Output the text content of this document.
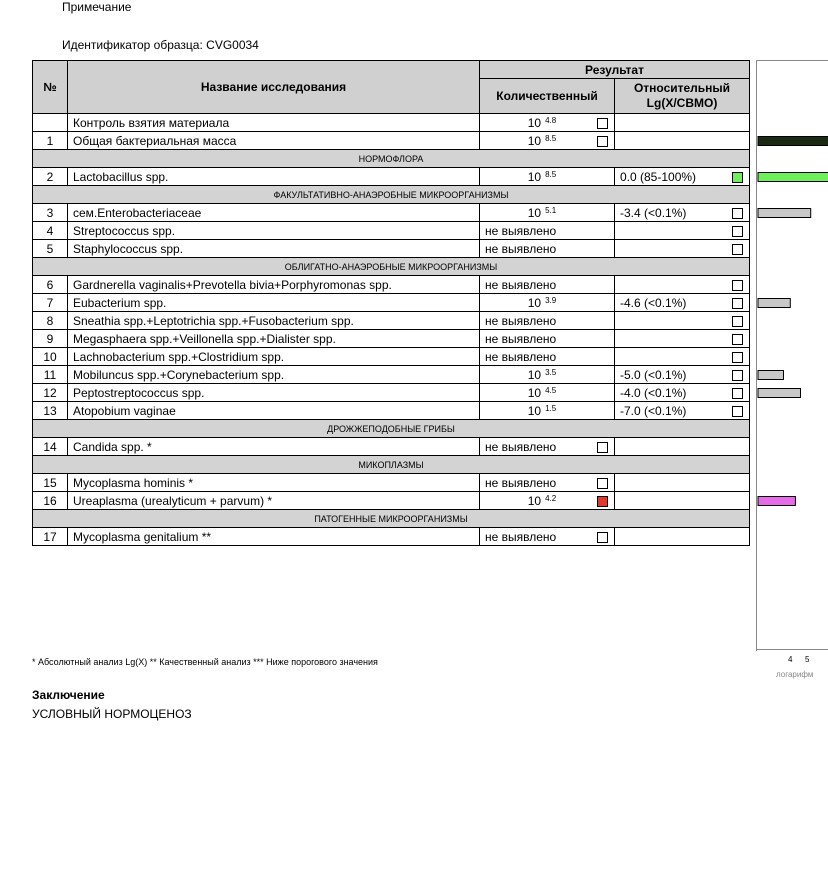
Примечание
Идентификатор образца: CVG0034
№	Название исследования	Результат	
		Количественный	Относительный Lg(X/СВМО)
	Контроль взятия материала	10 $^{4.8}$

1	Общая бактериальная масса	10 $^{8.5}$

НОРМОФЛОРА			
2	Lactobacillus spp.	10 $^{8.5}$	0.0 (85-100%)

ФАКУЛЬТАТИВНО-АНАЭРОБНЫЕ МИКРООРГАНИЗМЫ			
3	сем.Enterobacteriaceae	10 $^{5.1}$	-3.4 (<0.1%)

4	Streptococcus spp.	не выявлено	

5	Staphylococcus spp.	не выявлено	

ОБЛИГАТНО-АНАЭРОБНЫЕ МИКРООРГАНИЗМЫ			
6	Gardnerella vaginalis+Prevotella bivia+Porphyromonas spp.	не выявлено	

7	Eubacterium spp.	10 $^{3.9}$	-4.6 (<0.1%)

8	Sneathia spp.+Leptotrichia spp.+Fusobacterium spp.	не выявлено	

9	Megasphaera spp.+Veillonella spp.+Dialister spp.	не выявлено	

10	Lachnobacterium spp.+Clostridium spp.	не выявлено	

11	Mobiluncus spp.+Corynebacterium spp.	10 $^{3.5}$	-5.0 (<0.1%)

12	Peptostreptococcus spp.	10 $^{4.5}$	-4.0 (<0.1%)

13	Atopobium vaginae	10 $^{1.5}$	-7.0 (<0.1%)

ДРОЖЖЕПОДОБНЫЕ ГРИБЫ			
14	Candida spp. *	не выявлено	

МИКОПЛАЗМЫ			
15	Mycoplasma hominis *	не выявлено	

16	Ureaplasma (urealyticum + parvum) *	10 $^{4.2}$

ПАТОГЕННЫЕ МИКРООРГАНИЗМЫ			
17	Mycoplasma genitalium **	не выявлено	

4 5
логарифм
* Абсолютный анализ Lg(X) ** Качественный анализ *** Ниже порогового значения
Заключение
УСЛОВНЫЙ НОРМОЦЕНОЗ
